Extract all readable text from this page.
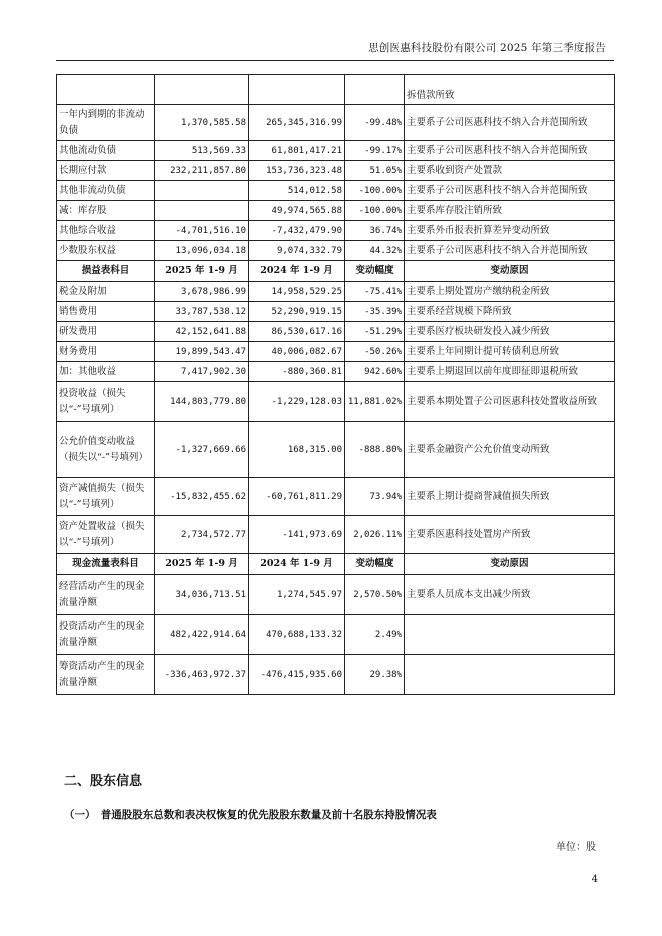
思创医惠科技股份有限公司 2025 年第三季度报告
				拆借款所致
一年内到期的非流动负债	1,370,585.58	265,345,316.99	-99.48%	主要系子公司医惠科技不纳入合并范围所致
其他流动负债	513,569.33	61,801,417.21	-99.17%	主要系子公司医惠科技不纳入合并范围所致
长期应付款	232,211,857.80	153,736,323.48	51.05%	主要系收到资产处置款
其他非流动负债		514,012.58	-100.00%	主要系子公司医惠科技不纳入合并范围所致
减：库存股		49,974,565.88	-100.00%	主要系库存股注销所致
其他综合收益	-4,701,516.10	-7,432,479.90	36.74%	主要系外币报表折算差异变动所致
少数股东权益	13,096,034.18	9,074,332.79	44.32%	主要系子公司医惠科技不纳入合并范围所致
损益表科目	2025 年 1-9 月	2024 年 1-9 月	变动幅度	变动原因
税金及附加	3,678,986.99	14,958,529.25	-75.41%	主要系上期处置房产缴纳税金所致
销售费用	33,787,538.12	52,290,919.15	-35.39%	主要系经营规模下降所致
研发费用	42,152,641.88	86,530,617.16	-51.29%	主要系医疗板块研发投入减少所致
财务费用	19,899,543.47	40,006,082.67	-50.26%	主要系上年同期计提可转债利息所致
加：其他收益	7,417,902.30	-880,360.81	942.60%	主要系上期退回以前年度即征即退税所致
投资收益（损失以“-”号填列）	144,803,779.80	-1,229,128.03	11,881.02%	主要系本期处置子公司医惠科技处置收益所致
公允价值变动收益（损失以“-”号填列）	-1,327,669.66	168,315.00	-888.80%	主要系金融资产公允价值变动所致
资产减值损失（损失以“-”号填列）	-15,832,455.62	-60,761,811.29	73.94%	主要系上期计提商誉减值损失所致
资产处置收益（损失以“-”号填列）	2,734,572.77	-141,973.69	2,026.11%	主要系医惠科技处置房产所致
现金流量表科目	2025 年 1-9 月	2024 年 1-9 月	变动幅度	变动原因
经营活动产生的现金流量净额	34,036,713.51	1,274,545.97	2,570.50%	主要系人员成本支出减少所致
投资活动产生的现金流量净额	482,422,914.64	470,688,133.32	2.49%	
筹资活动产生的现金流量净额	-336,463,972.37	-476,415,935.60	29.38%	
二、股东信息
（一）　普通股股东总数和表决权恢复的优先股股东数量及前十名股东持股情况表
单位：股
4
